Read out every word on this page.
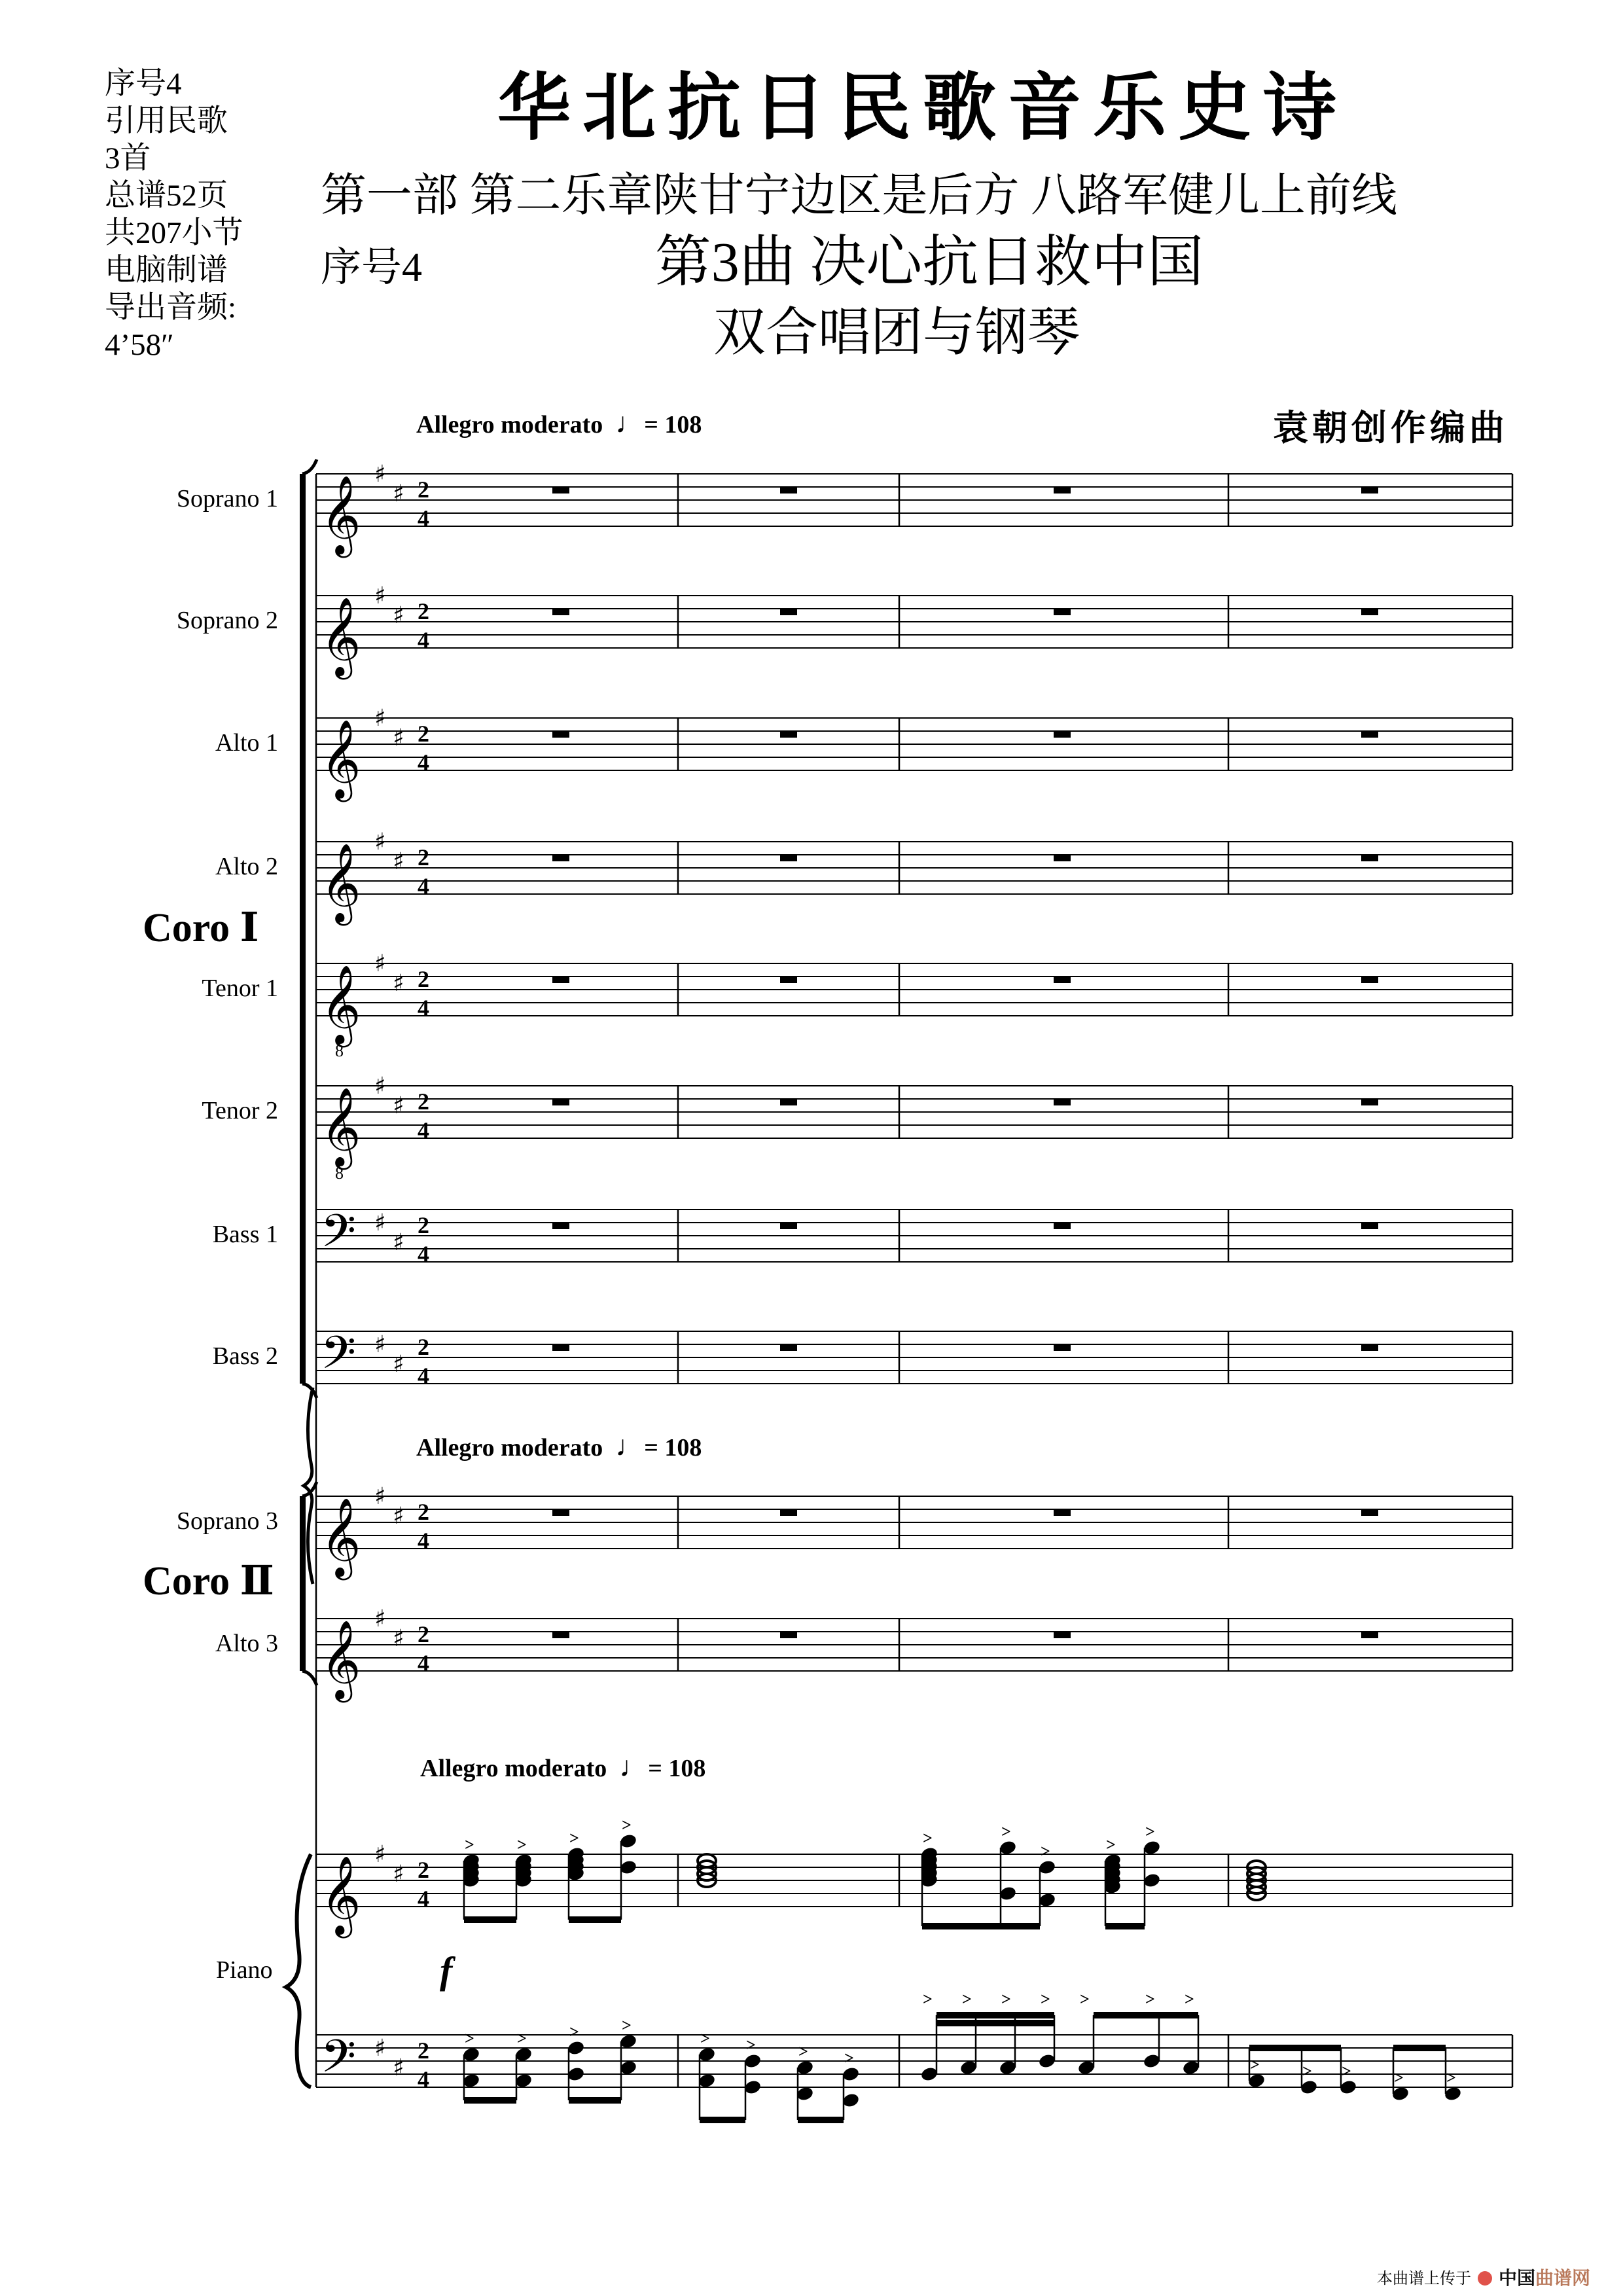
序号4
引用民歌
3首
总谱52页
共207小节
电脑制谱
导出音频:
4’58″
华北抗日民歌音乐史诗
第一部 第二乐章陕甘宁边区是后方 八路军健儿上前线
序号4	第3曲 决心抗日救中国
双合唱团与钢琴
袁朝创作编曲
Allegro moderato ♩= 108
Allegro moderato ♩= 108
Allegro moderato ♩= 108
Soprano 1
Soprano 2
Alto 1
Alto 2
Tenor 1
Tenor 2
Bass 1
Bass 2
Soprano 3
Alto 3
Coro Ⅰ
Coro Ⅱ
Piano	f
𝄞
♯
♯ 2
4
𝄞
♯
♯ 2
4
𝄞
♯
♯ 2
4
𝄞
♯
♯ 2
4
𝄞
8
♯
♯ 2
4
𝄞
8
♯
♯ 2
4
𝄢 ♯
♯
2
4
𝄢 ♯
♯
2
4
𝄞
♯
♯ 2
4
𝄞
♯
♯ 2
4
𝄞
♯
♯ 2
4
𝄢 ♯
♯
2
4
>	>	>
>
>	>	>	>
> >	> >
>	>
>	>
>
> > > > >	> >
>	> >	>	>
本曲谱上传于 中国曲谱网
